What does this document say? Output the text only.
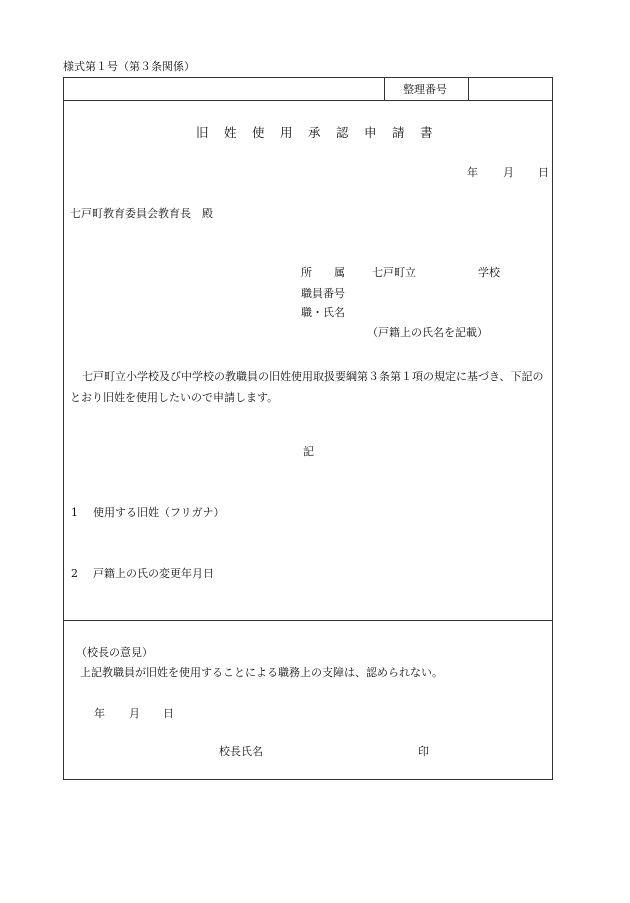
様式第１号（第３条関係）
整理番号
旧姓使用承認申請書
年 月 日
七戸町教育委員会教育長　殿
所　　属 七戸町立	学校
職員番号
職・氏名
（戸籍上の氏名を記載）
七戸町立小学校及び中学校の教職員の旧姓使用取扱要綱第３条第１項の規定に基づき、下記のとおり旧姓を使用したいので申請します。
記
1 使用する旧姓（フリガナ）
2 戸籍上の氏の変更年月日
（校長の意見）
上記教職員が旧姓を使用することによる職務上の支障は、認められない。
年 月 日
校長氏名	印
